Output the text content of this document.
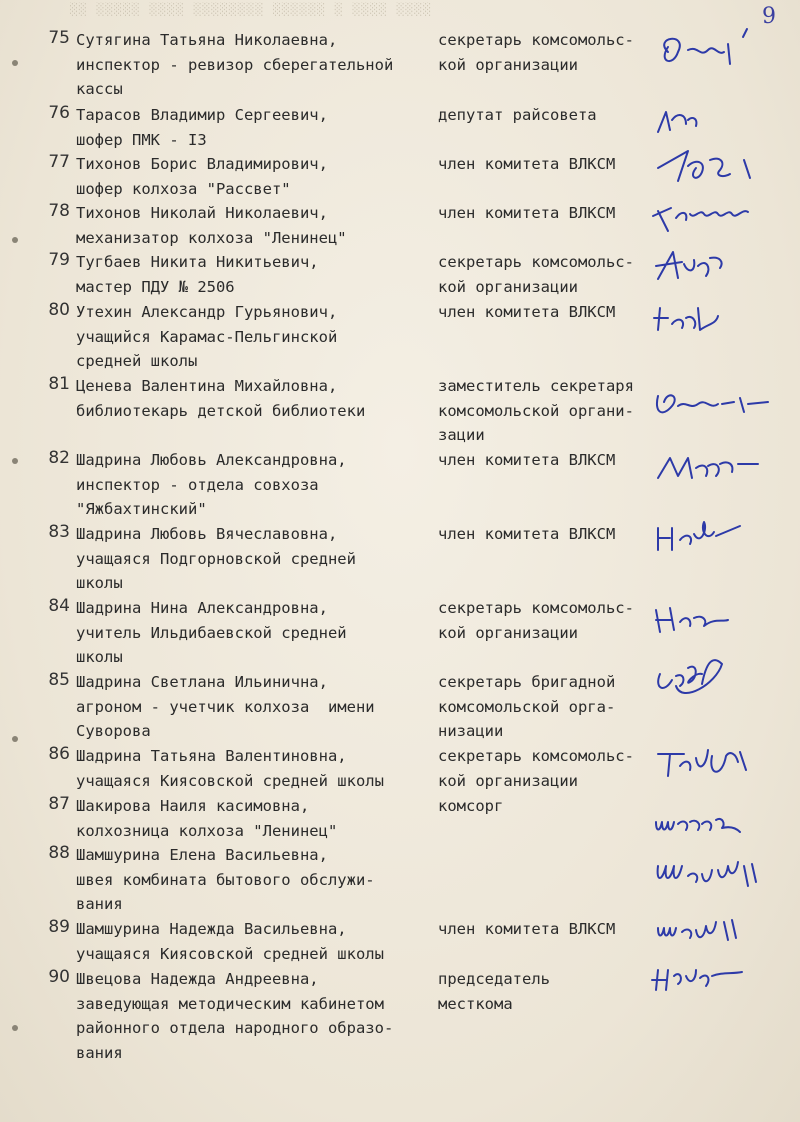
░░ ░░░░░ ░░░░ ░░░░░░░░ ░░░░░░ ░ ░░░░ ░░░░	9
75 Сутягина Татьяна Николаевна,
инспектор - ревизор сберегательной
кассы
секретарь комсомольс-
кой организации
76 Тарасов Владимир Сергеевич,
шофер ПМК - I3
депутат райсовета
77 Тихонов Борис Владимирович,
шофер колхоза "Рассвет"
член комитета ВЛКСМ
78 Тихонов Николай Николаевич,
механизатор колхоза "Ленинец"
член комитета ВЛКСМ
79 Тугбаев Никита Никитьевич,
мастер ПДУ № 2506
секретарь комсомольс-
кой организации
80 Утехин Александр Гурьянович,
учащийся Карамас-Пельгинской
средней школы
член комитета ВЛКСМ
81 Ценева Валентина Михайловна,
библиотекарь детской библиотеки
заместитель секретаря
комсомольской органи-
зации
82 Шадрина Любовь Александровна,
инспектор - отдела совхоза
"Яжбахтинский"
член комитета ВЛКСМ
83 Шадрина Любовь Вячеславовна,
учащаяся Подгорновской средней
школы
член комитета ВЛКСМ
84 Шадрина Нина Александровна,
учитель Ильдибаевской средней
школы
секретарь комсомольс-
кой организации
85 Шадрина Светлана Ильинична,
агроном - учетчик колхоза  имени
Суворова
секретарь бригадной
комсомольской орга-
низации
86 Шадрина Татьяна Валентиновна,
учащаяся Киясовской средней школы
секретарь комсомольс-
кой организации
87 Шакирова Наиля касимовна,
колхозница колхоза "Ленинец"
комсорг
88 Шамшурина Елена Васильевна,
швея комбината бытового обслужи-
вания
89 Шамшурина Надежда Васильевна,
учащаяся Киясовской средней школы
член комитета ВЛКСМ
90 Швецова Надежда Андреевна,
заведующая методическим кабинетом
районного отдела народного образо-
вания
председатель
месткома
